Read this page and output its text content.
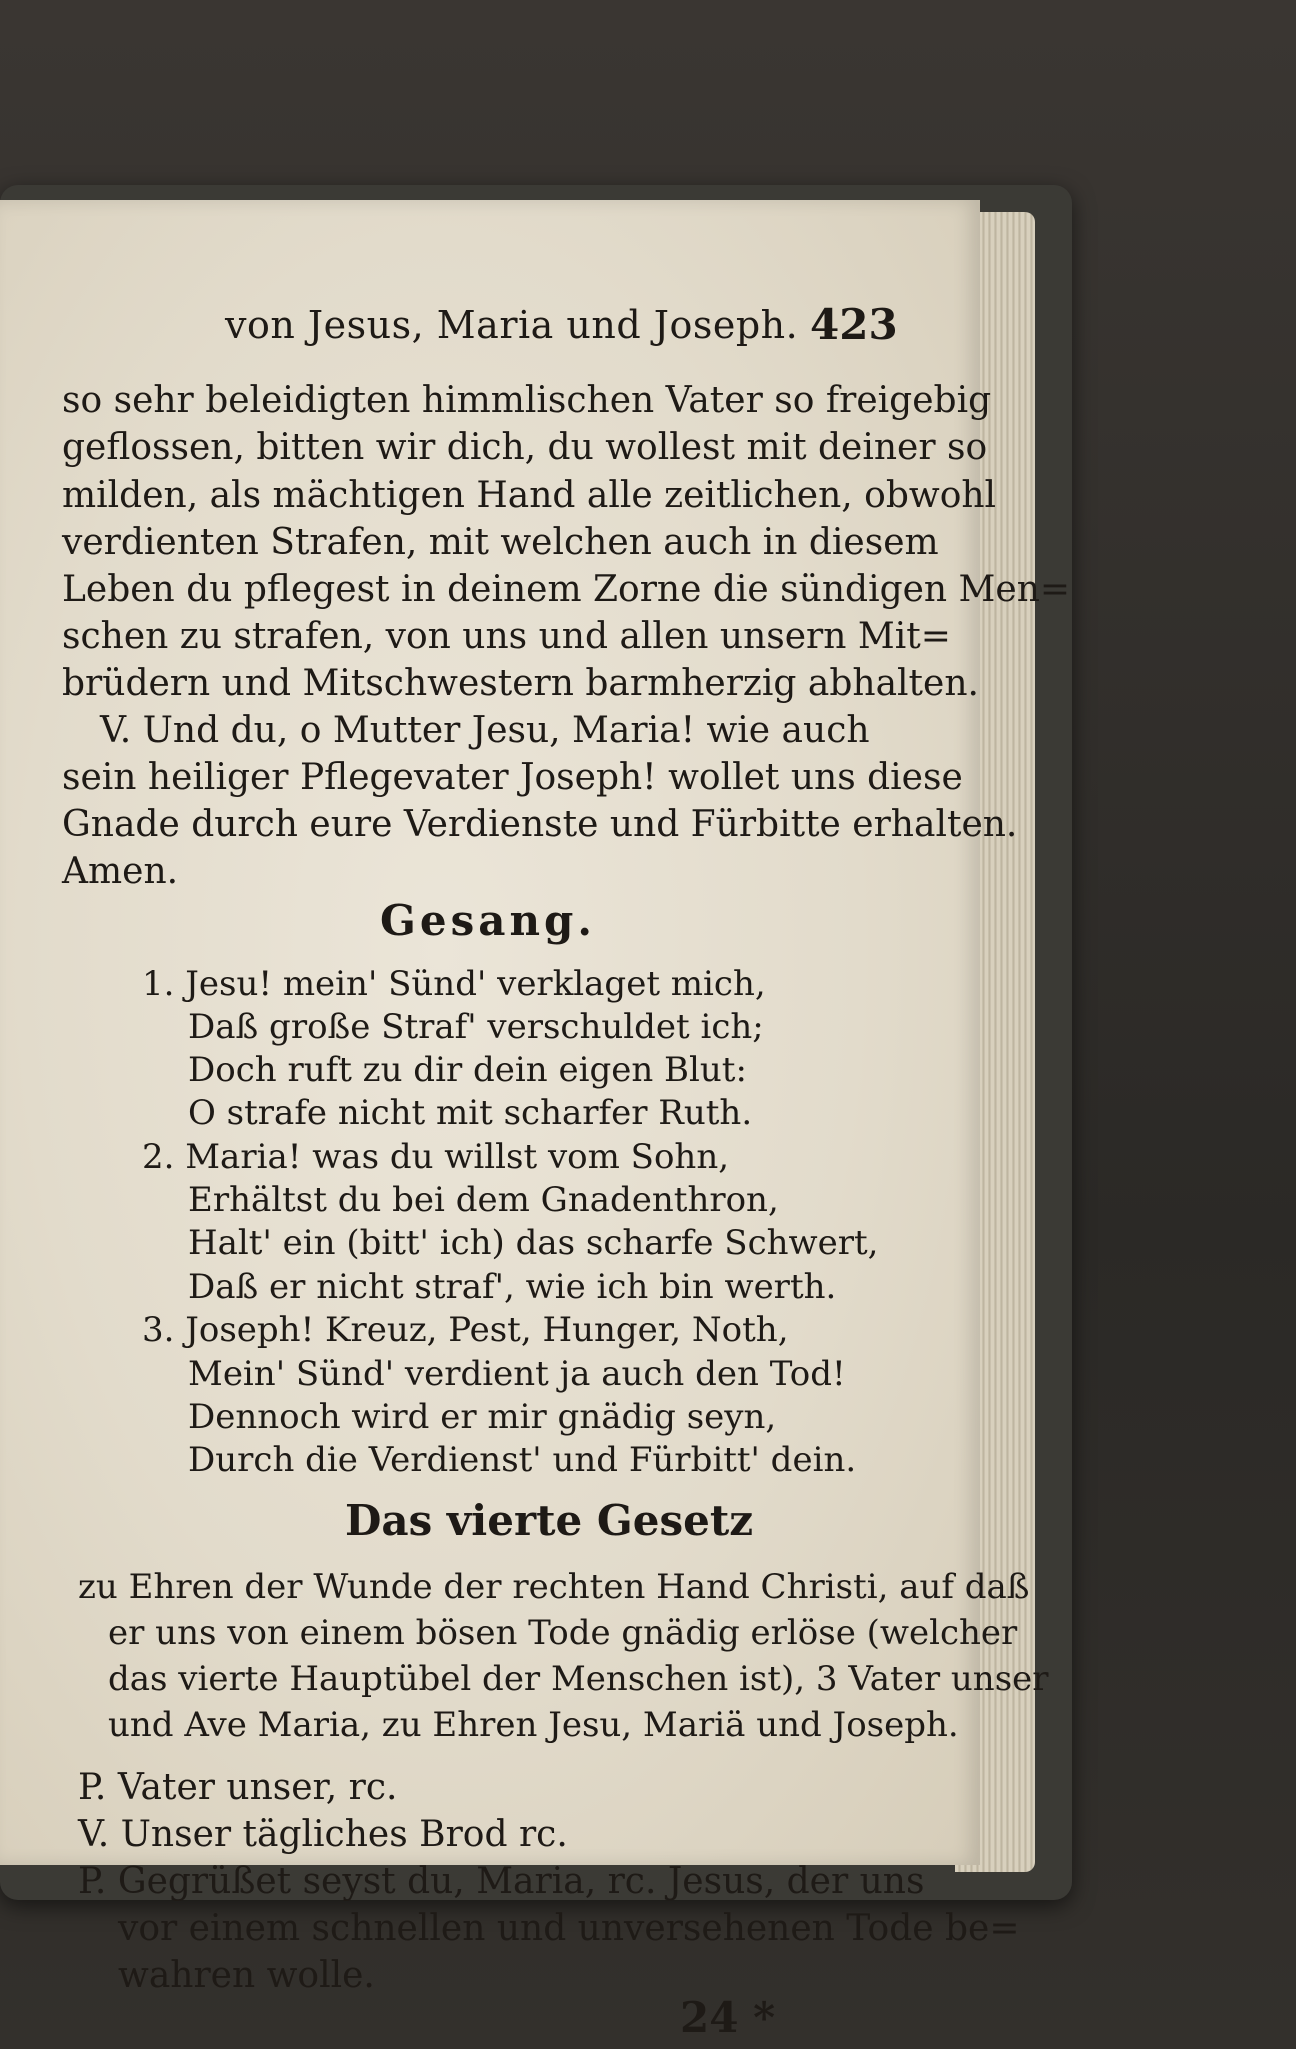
von Jesus, Maria und Joseph. 423
so sehr beleidigten himmlischen Vater so freigebig
geflossen, bitten wir dich, du wollest mit deiner so
milden, als mächtigen Hand alle zeitlichen, obwohl
verdienten Strafen, mit welchen auch in diesem
Leben du pflegest in deinem Zorne die sündigen Men=
schen zu strafen, von uns und allen unsern Mit=
brüdern und Mitschwestern barmherzig abhalten.
V. Und du, o Mutter Jesu, Maria! wie auch
sein heiliger Pflegevater Joseph! wollet uns diese
Gnade durch eure Verdienste und Fürbitte erhalten.
Amen.
Gesang.
1. Jesu! mein' Sünd' verklaget mich,
Daß große Straf' verschuldet ich;
Doch ruft zu dir dein eigen Blut:
O strafe nicht mit scharfer Ruth.
2. Maria! was du willst vom Sohn,
Erhältst du bei dem Gnadenthron,
Halt' ein (bitt' ich) das scharfe Schwert,
Daß er nicht straf', wie ich bin werth.
3. Joseph! Kreuz, Pest, Hunger, Noth,
Mein' Sünd' verdient ja auch den Tod!
Dennoch wird er mir gnädig seyn,
Durch die Verdienst' und Fürbitt' dein.
Das vierte Gesetz
zu Ehren der Wunde der rechten Hand Christi, auf daß
er uns von einem bösen Tode gnädig erlöse (welcher
das vierte Hauptübel der Menschen ist), 3 Vater unser
und Ave Maria, zu Ehren Jesu, Mariä und Joseph.
P. Vater unser, rc.
V. Unser tägliches Brod rc.
P. Gegrüßet seyst du, Maria, rc. Jesus, der uns
vor einem schnellen und unversehenen Tode be=
wahren wolle.
24 *
